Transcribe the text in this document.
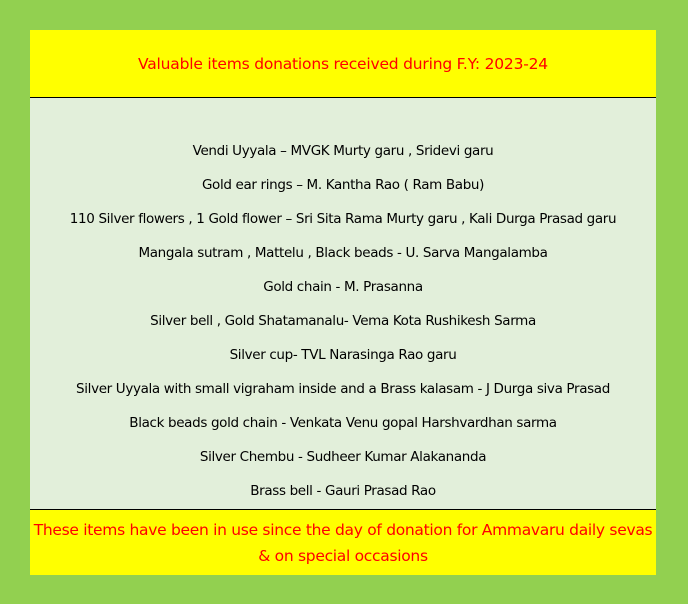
Valuable items donations received during F.Y: 2023-24
Vendi Uyyala – MVGK Murty garu , Sridevi garu
Gold ear rings – M. Kantha Rao ( Ram Babu)
110 Silver flowers , 1 Gold flower – Sri Sita Rama Murty garu , Kali Durga Prasad garu
Mangala sutram , Mattelu , Black beads - U. Sarva Mangalamba
Gold chain - M. Prasanna
Silver bell , Gold Shatamanalu- Vema Kota Rushikesh Sarma
Silver cup- TVL Narasinga Rao garu
Silver Uyyala with small vigraham inside and a Brass kalasam - J Durga siva Prasad
Black beads gold chain - Venkata Venu gopal Harshvardhan sarma
Silver Chembu - Sudheer Kumar Alakananda
Brass bell - Gauri Prasad Rao
These items have been in use since the day of donation for Ammavaru daily sevas & on special occasions
